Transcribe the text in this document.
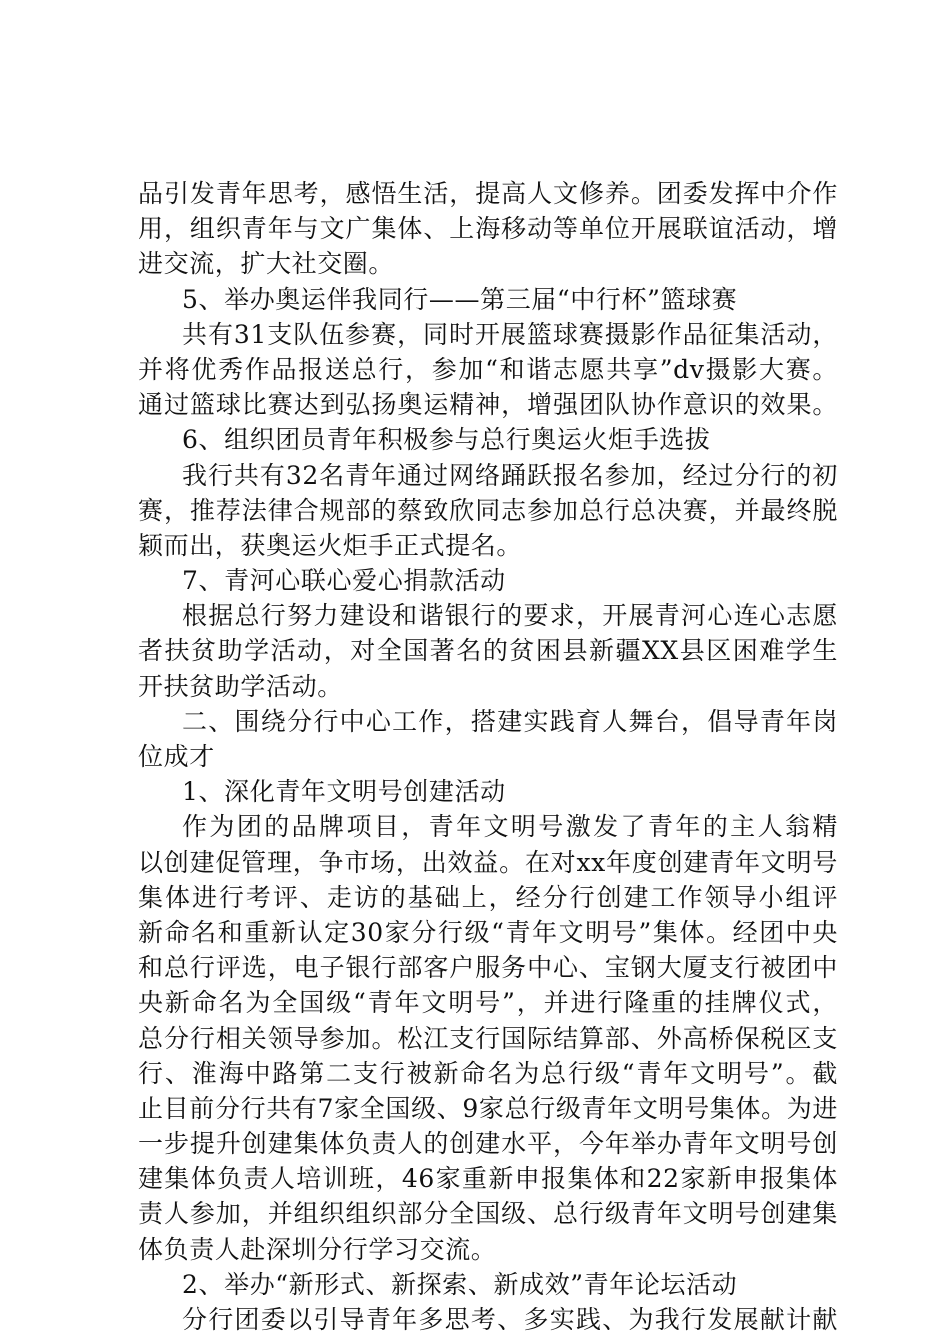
品引发青年思考，感悟生活，提高人文修养。团委发挥中介作
用，组织青年与文广集体、上海移动等单位开展联谊活动，增
进交流，扩大社交圈。
5、举办奥运伴我同行——第三届“中行杯”篮球赛
共有31支队伍参赛，同时开展篮球赛摄影作品征集活动，
并将优秀作品报送总行，参加“和谐志愿共享”dv摄影大赛。
通过篮球比赛达到弘扬奥运精神，增强团队协作意识的效果。
6、组织团员青年积极参与总行奥运火炬手选拔
我行共有32名青年通过网络踊跃报名参加，经过分行的初
赛，推荐法律合规部的蔡致欣同志参加总行总决赛，并最终脱
颖而出，获奥运火炬手正式提名。
7、青河心联心爱心捐款活动
根据总行努力建设和谐银行的要求，开展青河心连心志愿
者扶贫助学活动，对全国著名的贫困县新疆XX县区困难学生
开扶贫助学活动。
二、围绕分行中心工作，搭建实践育人舞台，倡导青年岗
位成才
1、深化青年文明号创建活动
作为团的品牌项目，青年文明号激发了青年的主人翁精
以创建促管理，争市场，出效益。在对xx年度创建青年文明号
集体进行考评、走访的基础上，经分行创建工作领导小组评
新命名和重新认定30家分行级“青年文明号”集体。经团中央
和总行评选，电子银行部客户服务中心、宝钢大厦支行被团中
央新命名为全国级“青年文明号”，并进行隆重的挂牌仪式，
总分行相关领导参加。松江支行国际结算部、外高桥保税区支
行、淮海中路第二支行被新命名为总行级“青年文明号”。截
止目前分行共有7家全国级、9家总行级青年文明号集体。为进
一步提升创建集体负责人的创建水平，今年举办青年文明号创
建集体负责人培训班，46家重新申报集体和22家新申报集体
责人参加，并组织组织部分全国级、总行级青年文明号创建集
体负责人赴深圳分行学习交流。
2、举办“新形式、新探索、新成效”青年论坛活动
分行团委以引导青年多思考、多实践、为我行发展献计献
